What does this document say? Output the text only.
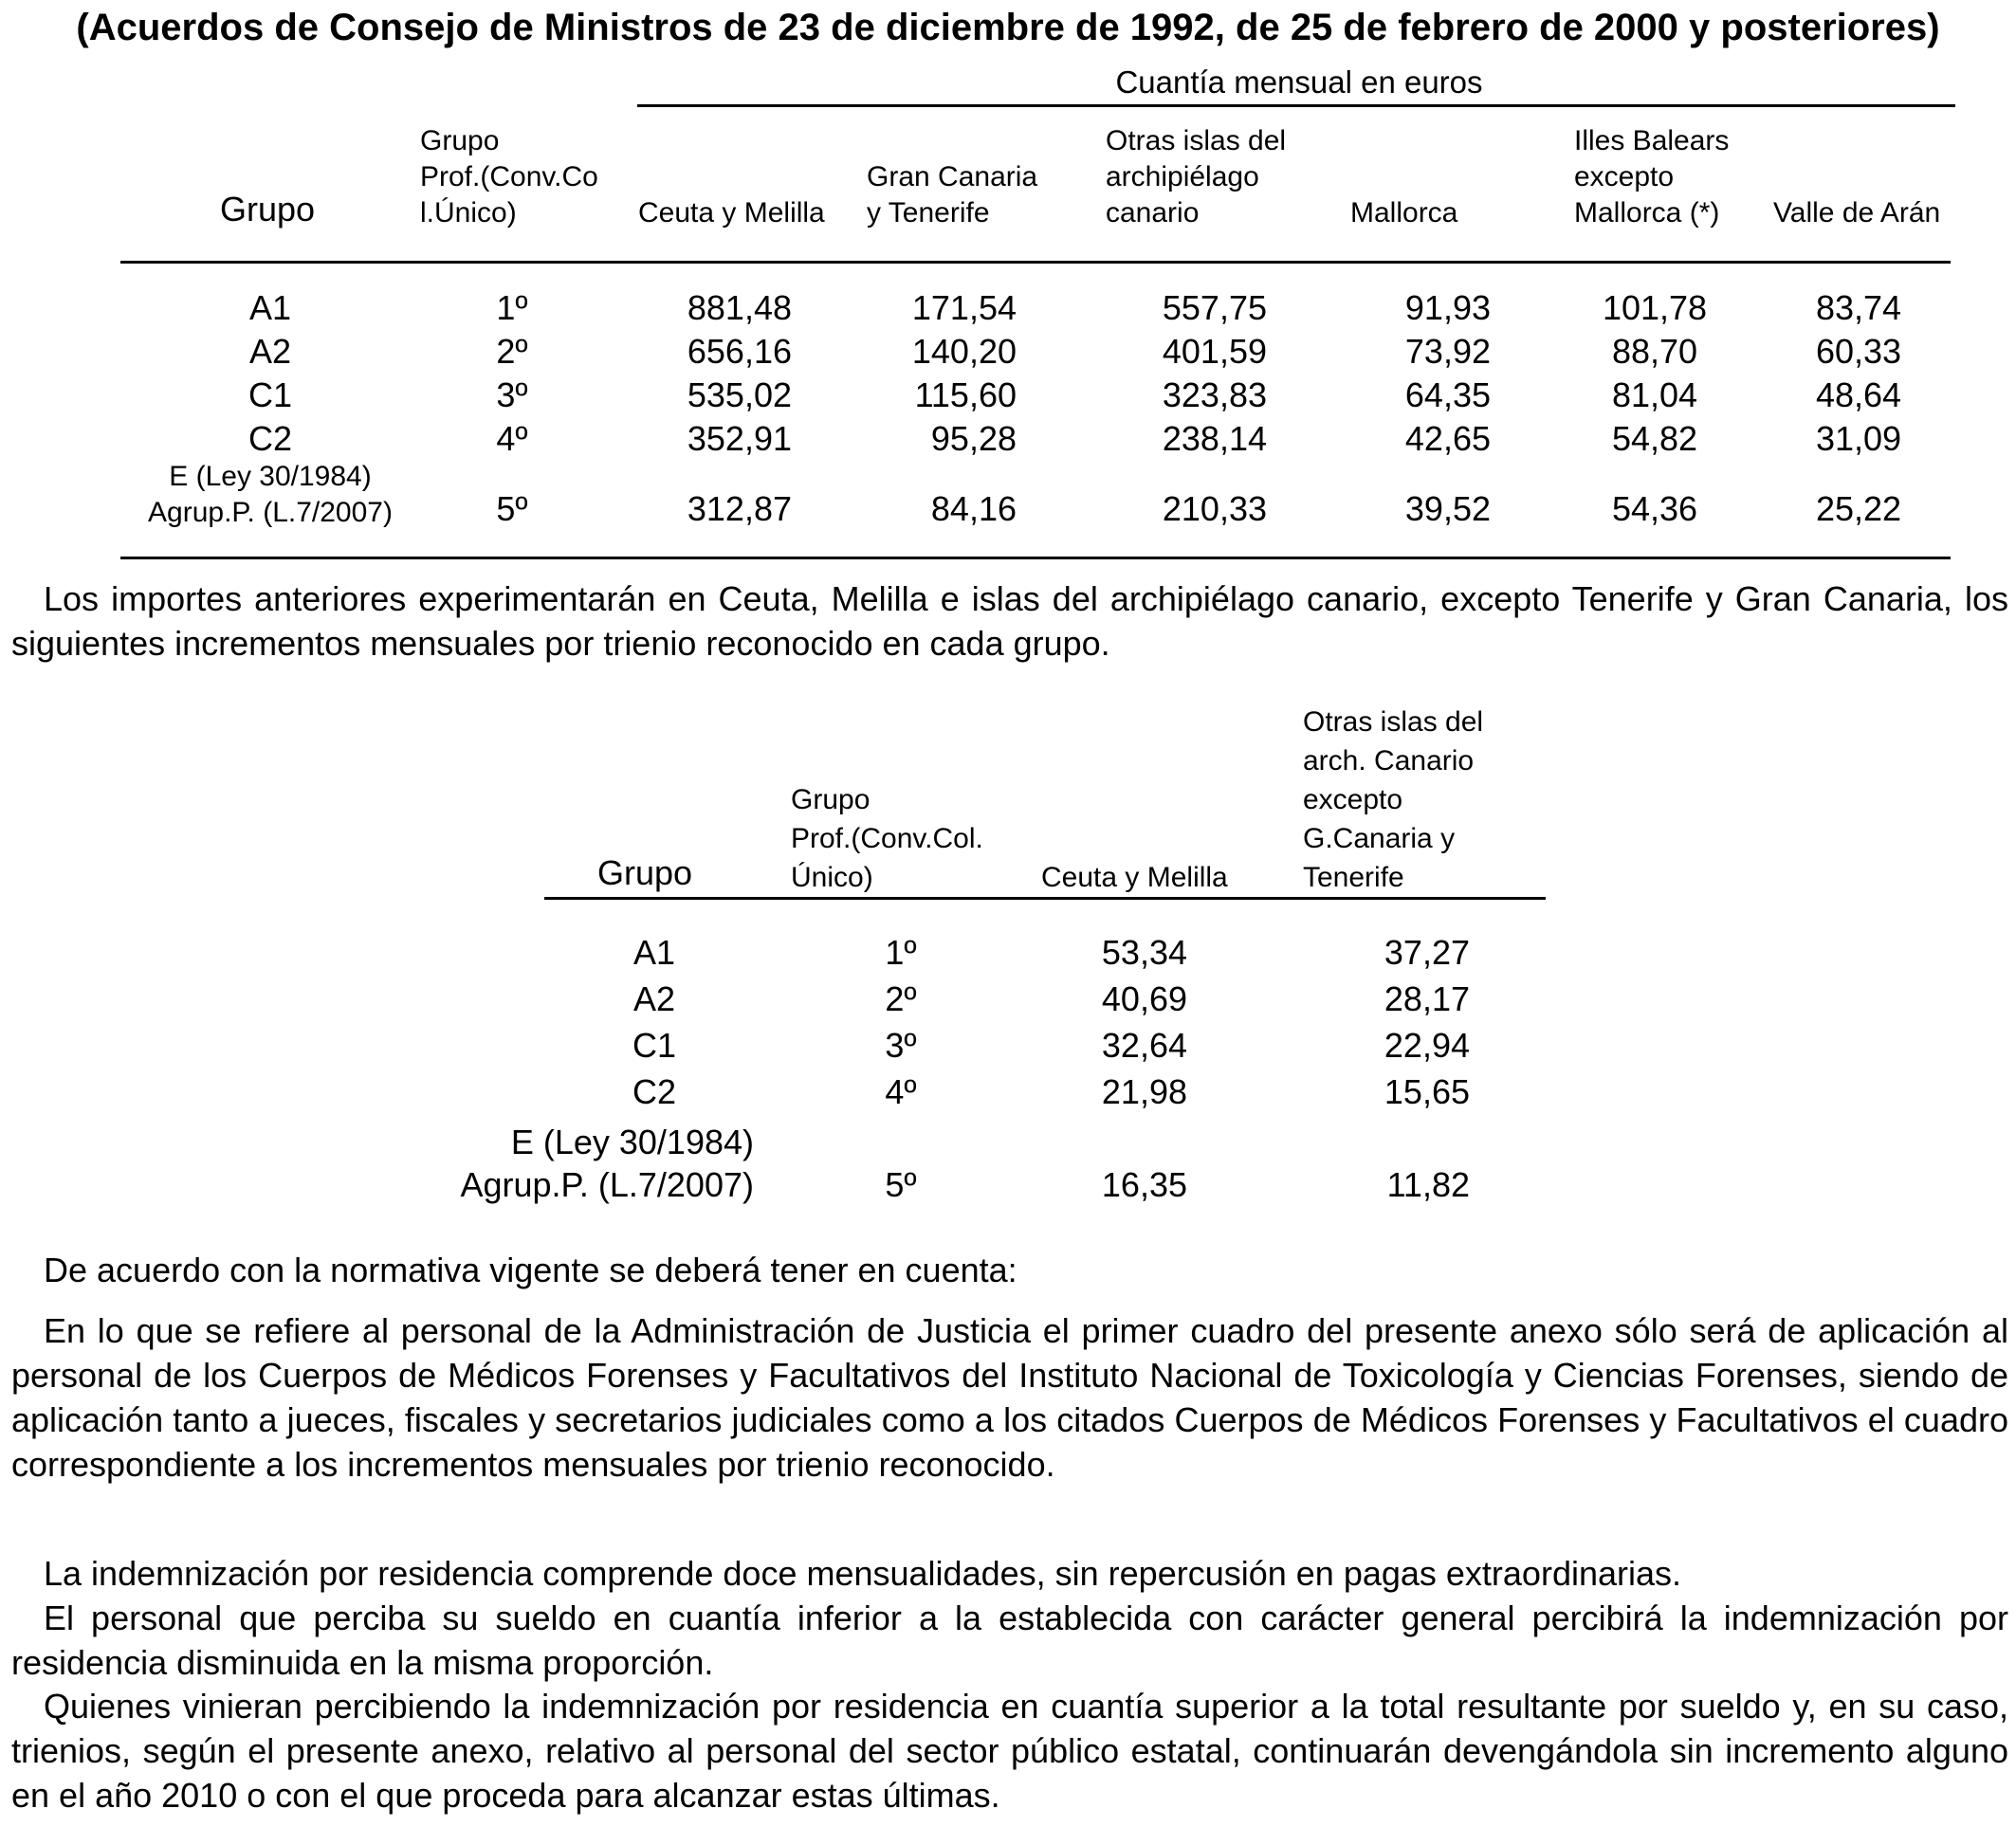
(Acuerdos de Consejo de Ministros de 23 de diciembre de 1992, de 25 de febrero de 2000 y posteriores)
Cuantía mensual en euros
Grupo
Grupo
Prof.(Conv.Co
l.Único)	Ceuta y Melilla
Gran Canaria
y Tenerife
Otras islas del
archipiélago
canario	Mallorca
Illes Balears
excepto
Mallorca (*)	Valle de Arán
A1	1º	881,48	171,54	557,75	91,93	101,78	83,74
A2	2º	656,16	140,20	401,59	73,92	88,70	60,33
C1	3º	535,02	115,60	323,83	64,35	81,04	48,64
C2	4º	352,91	95,28	238,14	42,65	54,82	31,09
E (Ley 30/1984)
Agrup.P. (L.7/2007)	5º	312,87	84,16	210,33	39,52	54,36	25,22
Los importes anteriores experimentarán en Ceuta, Melilla e islas del archipiélago canario, excepto Tenerife y Gran Canaria, los siguientes incrementos mensuales por trienio reconocido en cada grupo.
Grupo
Grupo
Prof.(Conv.Col.
Único)	Ceuta y Melilla
Otras islas del
arch. Canario
excepto
G.Canaria y
Tenerife
A1	1º	53,34	37,27
A2	2º	40,69	28,17
C1	3º	32,64	22,94
C2	4º	21,98	15,65
E (Ley 30/1984)
Agrup.P. (L.7/2007)	5º	16,35	11,82
De acuerdo con la normativa vigente se deberá tener en cuenta:
En lo que se refiere al personal de la Administración de Justicia el primer cuadro del presente anexo sólo será de aplicación al personal de los Cuerpos de Médicos Forenses y Facultativos del Instituto Nacional de Toxicología y Ciencias Forenses, siendo de aplicación tanto a jueces, fiscales y secretarios judiciales como a los citados Cuerpos de Médicos Forenses y Facultativos el cuadro correspondiente a los incrementos mensuales por trienio reconocido.
La indemnización por residencia comprende doce mensualidades, sin repercusión en pagas extraordinarias.
El personal que perciba su sueldo en cuantía inferior a la establecida con carácter general percibirá la indemnización por residencia disminuida en la misma proporción.
Quienes vinieran percibiendo la indemnización por residencia en cuantía superior a la total resultante por sueldo y, en su caso, trienios, según el presente anexo, relativo al personal del sector público estatal, continuarán devengándola sin incremento alguno en el año 2010 o con el que proceda para alcanzar estas últimas.
